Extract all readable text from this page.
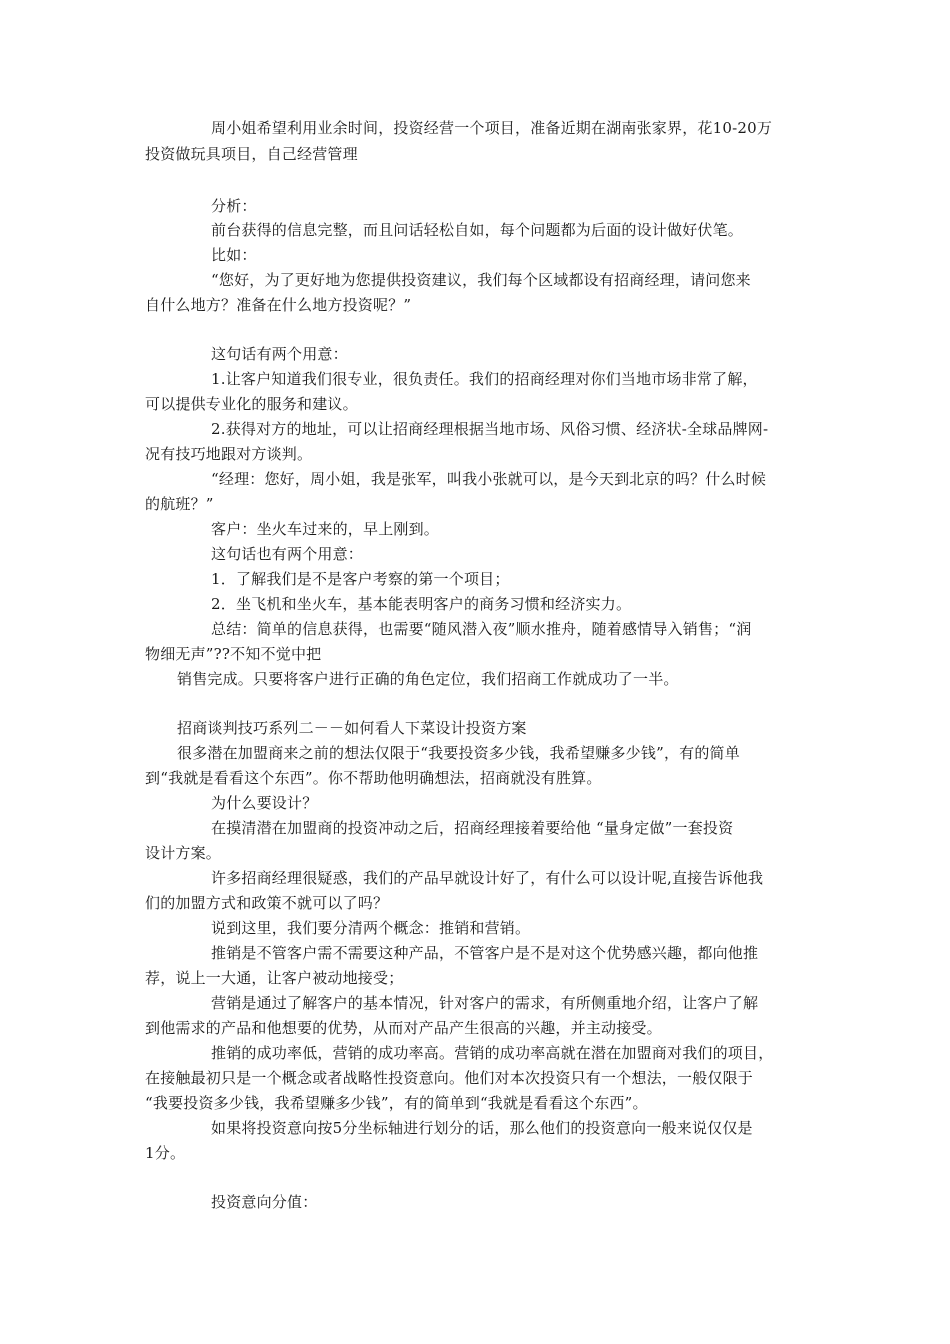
周小姐希望利用业余时间，投资经营一个项目，准备近期在湖南张家界，花10-20万
投资做玩具项目，自己经营管理
分析：
前台获得的信息完整，而且问话轻松自如，每个问题都为后面的设计做好伏笔。
比如：
“您好，为了更好地为您提供投资建议，我们每个区域都设有招商经理，请问您来
自什么地方？准备在什么地方投资呢？”
这句话有两个用意：
1.让客户知道我们很专业，很负责任。我们的招商经理对你们当地市场非常了解，
可以提供专业化的服务和建议。
2.获得对方的地址，可以让招商经理根据当地市场、风俗习惯、经济状-全球品牌网-
况有技巧地跟对方谈判。
“经理：您好，周小姐，我是张军，叫我小张就可以，是今天到北京的吗？什么时候
的航班？”
客户：坐火车过来的，早上刚到。
这句话也有两个用意：
1．了解我们是不是客户考察的第一个项目；
2．坐飞机和坐火车，基本能表明客户的商务习惯和经济实力。
总结：简单的信息获得，也需要“随风潜入夜”顺水推舟，随着感情导入销售；“润
物细无声”??不知不觉中把
销售完成。只要将客户进行正确的角色定位，我们招商工作就成功了一半。
招商谈判技巧系列二－－如何看人下菜设计投资方案
很多潜在加盟商来之前的想法仅限于“我要投资多少钱，我希望赚多少钱”，有的简单
到“我就是看看这个东西”。你不帮助他明确想法，招商就没有胜算。
为什么要设计？
在摸清潜在加盟商的投资冲动之后，招商经理接着要给他 “量身定做”一套投资
设计方案。
许多招商经理很疑惑，我们的产品早就设计好了，有什么可以设计呢,直接告诉他我
们的加盟方式和政策不就可以了吗？
说到这里，我们要分清两个概念：推销和营销。
推销是不管客户需不需要这种产品，不管客户是不是对这个优势感兴趣，都向他推
荐，说上一大通，让客户被动地接受；
营销是通过了解客户的基本情况，针对客户的需求，有所侧重地介绍，让客户了解
到他需求的产品和他想要的优势，从而对产品产生很高的兴趣，并主动接受。
推销的成功率低，营销的成功率高。营销的成功率高就在潜在加盟商对我们的项目，
在接触最初只是一个概念或者战略性投资意向。他们对本次投资只有一个想法，一般仅限于
“我要投资多少钱，我希望赚多少钱”，有的简单到“我就是看看这个东西”。
如果将投资意向按5分坐标轴进行划分的话，那么他们的投资意向一般来说仅仅是
1分。
投资意向分值：
